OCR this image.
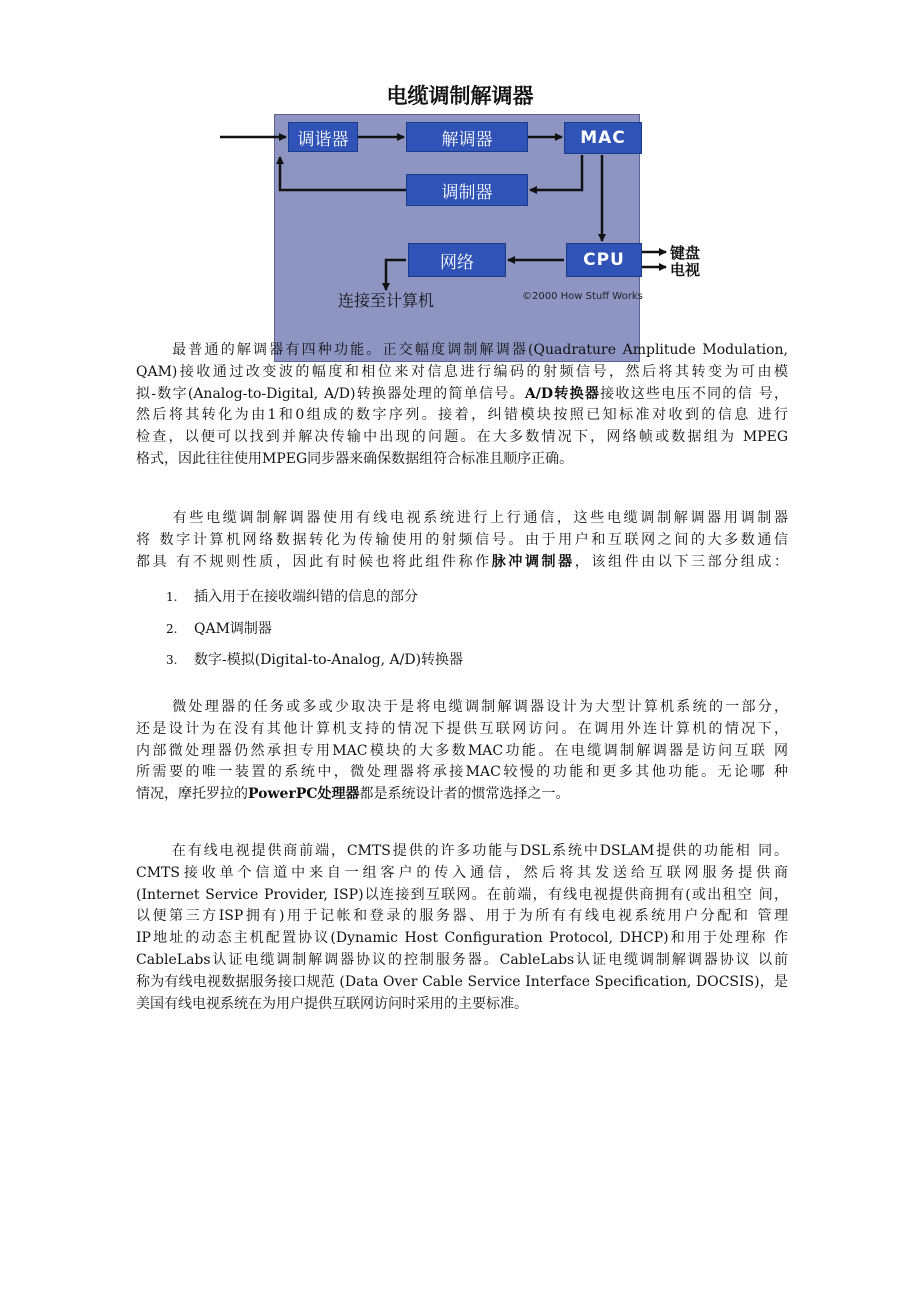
电缆调制解调器
调谐器	解调器	MAC
调制器
CPU
网络	键盘
电视
连接至计算机	©2000 How Stuff Works
最普通的解调器有四种功能。正交幅度调制解调器(Quadrature Amplitude Modulation,
QAM)接收通过改变波的幅度和相位来对信息进行编码的射频信号，然后将其转变为可由模
拟-数字(Analog-to-Digital, A/D)转换器处理的简单信号。A/D转换器接收这些电压不同的信 号，
然后将其转化为由1和0组成的数字序列。接着，纠错模块按照已知标准对收到的信息 进行
检查，以便可以找到并解决传输中出现的问题。在大多数情况下，网络帧或数据组为 MPEG
格式，因此往往使用MPEG同步器来确保数据组符合标准且顺序正确。
有些电缆调制解调器使用有线电视系统进行上行通信，这些电缆调制解调器用调制器
将 数字计算机网络数据转化为传输使用的射频信号。由于用户和互联网之间的大多数通信
都具 有不规则性质，因此有时候也将此组件称作脉冲调制器，该组件由以下三部分组成：
1. 插入用于在接收端纠错的信息的部分
2. QAM调制器
3. 数字-模拟(Digital-to-Analog, A/D)转换器
微处理器的任务或多或少取决于是将电缆调制解调器设计为大型计算机系统的一部分，
还是设计为在没有其他计算机支持的情况下提供互联网访问。在调用外连计算机的情况下，
内部微处理器仍然承担专用MAC模块的大多数MAC功能。在电缆调制解调器是访问互联 网
所需要的唯一装置的系统中，微处理器将承接MAC较慢的功能和更多其他功能。无论哪 种
情况，摩托罗拉的PowerPC处理器都是系统设计者的惯常选择之一。
在有线电视提供商前端，CMTS提供的许多功能与DSL系统中DSLAM提供的功能相 同。
CMTS接收单个信道中来自一组客户的传入通信，然后将其发送给互联网服务提供商
(Internet Service Provider, ISP)以连接到互联网。在前端，有线电视提供商拥有(或出租空 间，
以便第三方ISP拥有)用于记帐和登录的服务器、用于为所有有线电视系统用户分配和 管理
IP地址的动态主机配置协议(Dynamic Host Configuration Protocol, DHCP)和用于处理称 作
CableLabs认证电缆调制解调器协议的控制服务器。CableLabs认证电缆调制解调器协议 以前
称为有线电视数据服务接口规范 (Data Over Cable Service Interface Specification, DOCSIS)，是
美国有线电视系统在为用户提供互联网访问时采用的主要标准。
